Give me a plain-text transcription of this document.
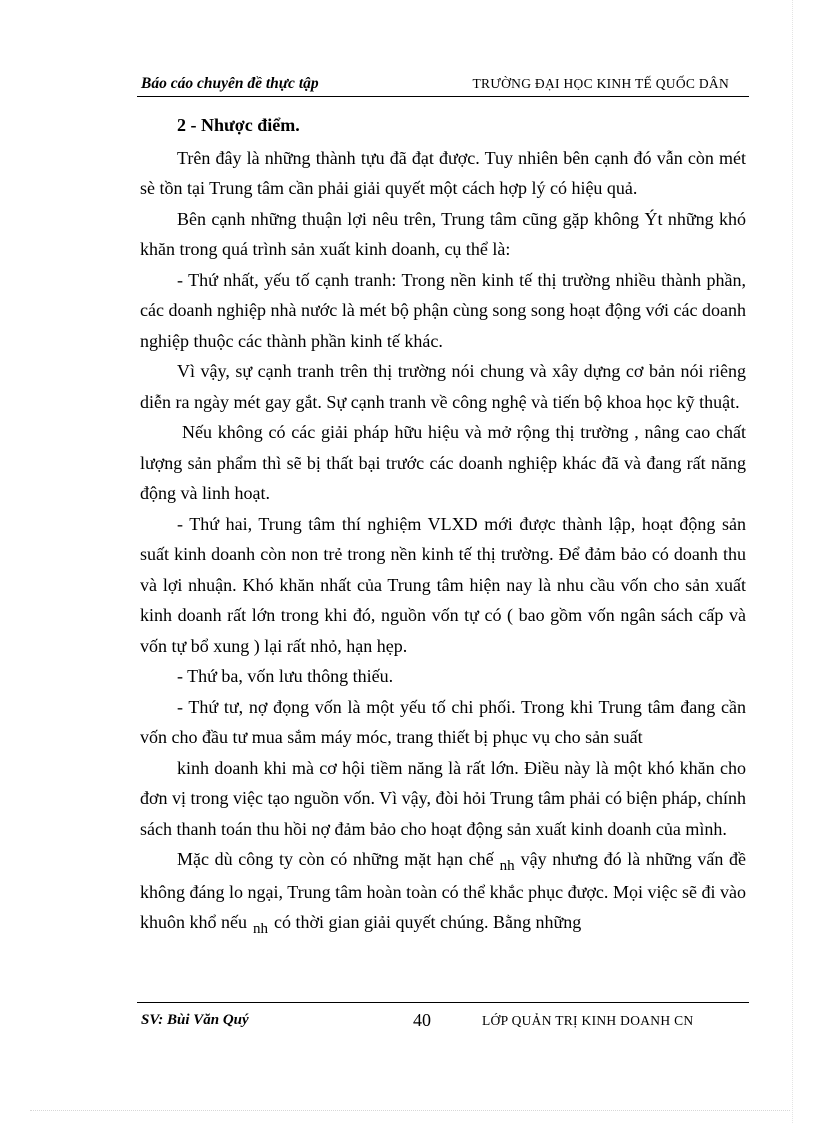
Báo cáo chuyên đề thực tập	TRƯỜNG ĐẠI HỌC KINH TẾ QUỐC DÂN

2 - Nhược điểm.

Trên đây là những thành tựu đã đạt được. Tuy nhiên bên cạnh đó vẫn còn mét sè tồn tại Trung tâm cần phải giải quyết một cách hợp lý có hiệu quả.

Bên cạnh những thuận lợi nêu trên, Trung tâm cũng gặp không Ýt những khó khăn trong quá trình sản xuất kinh doanh, cụ thể là:

- Thứ nhất, yếu tố cạnh tranh: Trong nền kinh tế thị trường nhiều thành phần, các doanh nghiệp nhà nước là mét bộ phận cùng song song hoạt động với các doanh nghiệp thuộc các thành phần kinh tế khác.

Vì vậy, sự cạnh tranh trên thị trường nói chung và xây dựng cơ bản nói riêng diễn ra ngày mét gay gắt. Sự cạnh tranh về công nghệ và tiến bộ khoa học kỹ thuật.

Nếu không có các giải pháp hữu hiệu và mở rộng thị trường , nâng cao chất lượng sản phẩm thì sẽ bị thất bại trước các doanh nghiệp khác đã và đang rất năng động và linh hoạt.

- Thứ hai, Trung tâm thí nghiệm VLXD mới được thành lập, hoạt động sản suất kinh doanh còn non trẻ trong nền kinh tế thị trường. Để đảm bảo có doanh thu và lợi nhuận. Khó khăn nhất của Trung tâm hiện nay là nhu cầu vốn cho sản xuất kinh doanh rất lớn trong khi đó, nguồn vốn tự có ( bao gồm vốn ngân sách cấp và vốn tự bổ xung ) lại rất nhỏ, hạn hẹp.

- Thứ ba, vốn lưu thông thiếu.

- Thứ tư, nợ đọng vốn là một yếu tố chi phối. Trong khi Trung tâm đang cần vốn cho đầu tư mua sắm máy móc, trang thiết bị phục vụ cho sản suất

kinh doanh khi mà cơ hội tiềm năng là rất lớn. Điều này là một khó khăn cho đơn vị trong việc tạo nguồn vốn. Vì vậy, đòi hỏi Trung tâm phải có biện pháp, chính sách thanh toán thu hồi nợ đảm bảo cho hoạt động sản xuất kinh doanh của mình.

Mặc dù công ty còn có những mặt hạn chế $_{nh}$ vậy nhưng đó là những vấn đề không đáng lo ngại, Trung tâm hoàn toàn có thể khắc phục được. Mọi việc sẽ đi vào khuôn khổ nếu $_{nh}$ có thời gian giải quyết chúng. Bằng những

SV: Bùi Văn Quý	40	LỚP QUẢN TRỊ KINH DOANH CN
